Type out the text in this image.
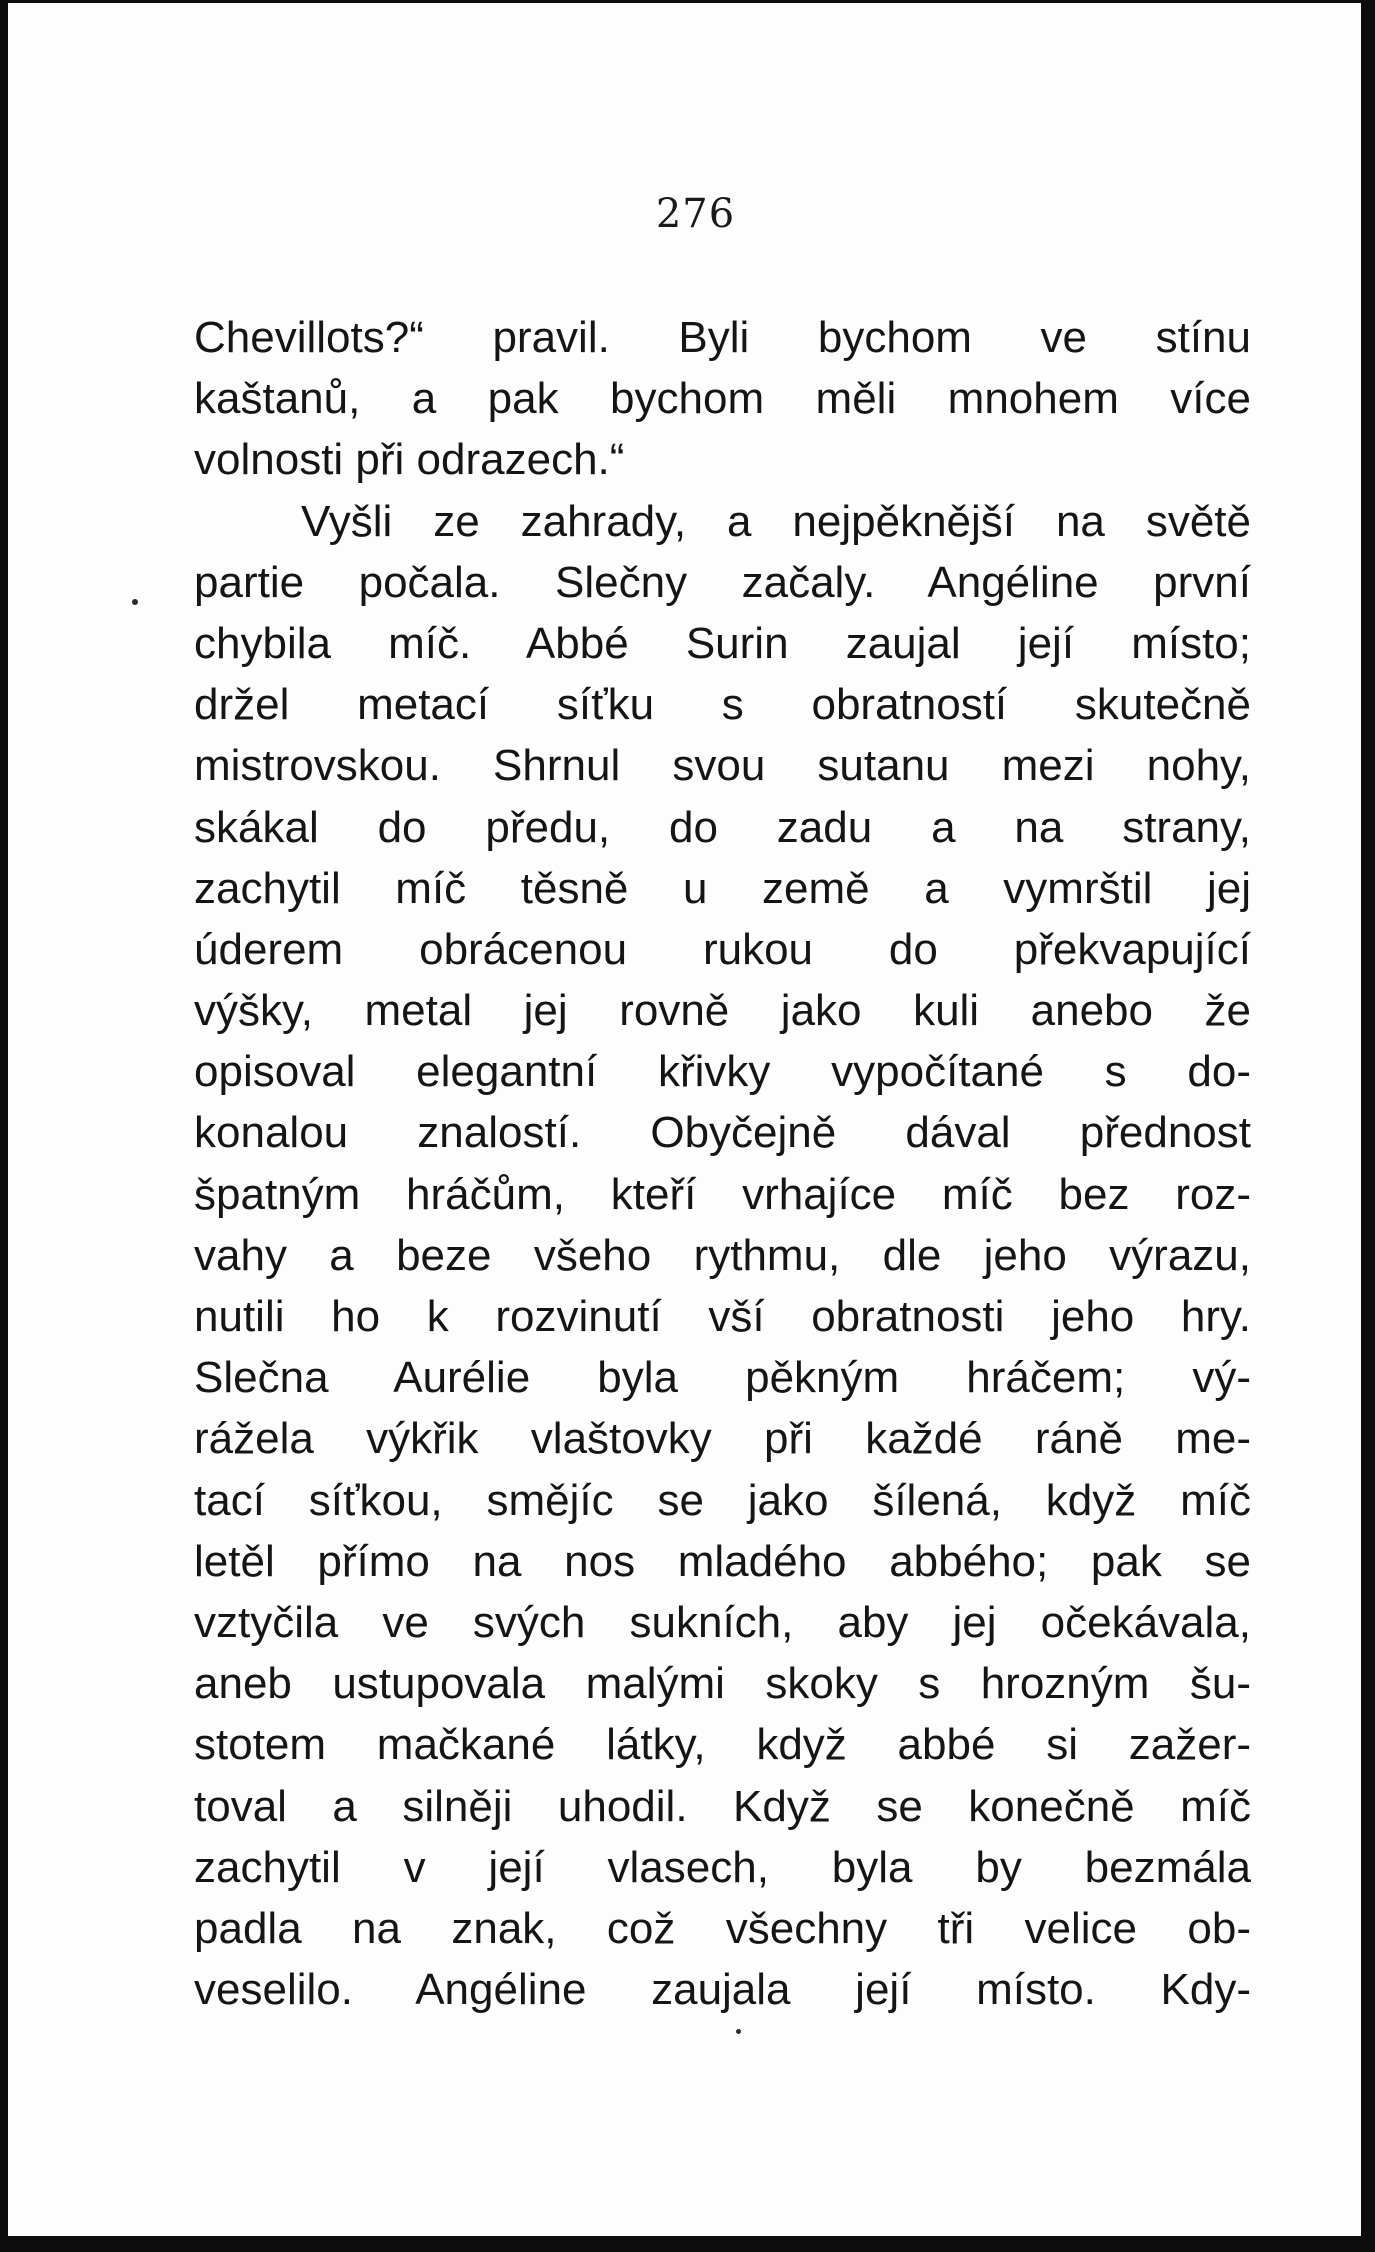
276
Chevillots?“ pravil. Byli bychom ve stínu
kaštanů, a pak bychom měli mnohem více
volnosti při odrazech.“
Vyšli ze zahrady, a nejpěknější na světě
partie počala. Slečny začaly. Angéline první
chybila míč. Abbé Surin zaujal její místo;
držel metací síťku s obratností skutečně
mistrovskou. Shrnul svou sutanu mezi nohy,
skákal do předu, do zadu a na strany,
zachytil míč těsně u země a vymrštil jej
úderem obrácenou rukou do překvapující
výšky, metal jej rovně jako kuli anebo že
opisoval elegantní křivky vypočítané s do-
konalou znalostí. Obyčejně dával přednost
špatným hráčům, kteří vrhajíce míč bez roz-
vahy a beze všeho rythmu, dle jeho výrazu,
nutili ho k rozvinutí vší obratnosti jeho hry.
Slečna Aurélie byla pěkným hráčem; vý-
rážela výkřik vlaštovky při každé ráně me-
tací síťkou, smějíc se jako šílená, když míč
letěl přímo na nos mladého abbého; pak se
vztyčila ve svých sukních, aby jej očekávala,
aneb ustupovala malými skoky s hrozným šu-
stotem mačkané látky, když abbé si zažer-
toval a silněji uhodil. Když se konečně míč
zachytil v její vlasech, byla by bezmála
padla na znak, což všechny tři velice ob-
veselilo. Angéline zaujala její místo. Kdy-
